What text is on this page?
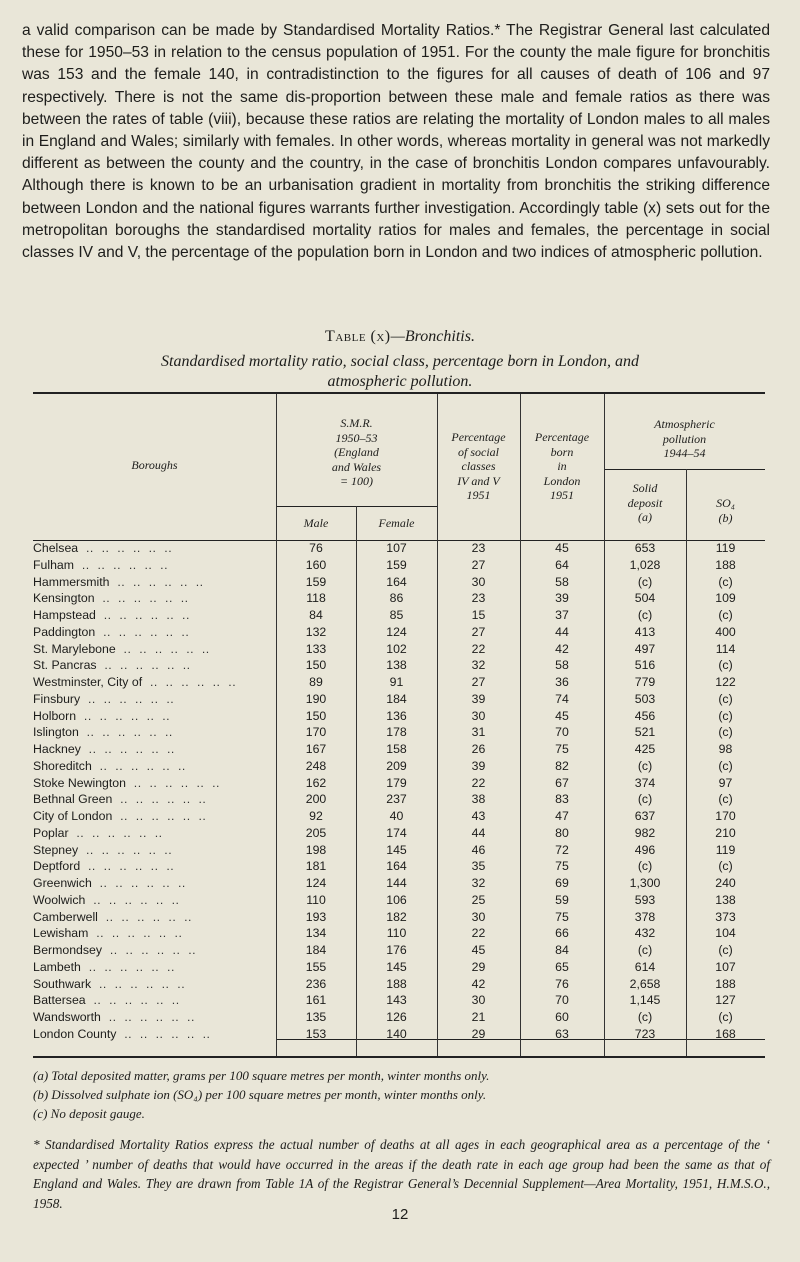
a valid comparison can be made by Standardised Mortality Ratios.* The Registrar General last calculated these for 1950–53 in relation to the census population of 1951. For the county the male figure for bronchitis was 153 and the female 140, in contradistinction to the figures for all causes of death of 106 and 97 respectively. There is not the same dis-proportion between these male and female ratios as there was between the rates of table (viii), because these ratios are relating the mortality of London males to all males in England and Wales; similarly with females. In other words, whereas mortality in general was not markedly different as between the county and the country, in the case of bronchitis London compares unfavourably. Although there is known to be an urbanisation gradient in mortality from bronchitis the striking difference between London and the national figures warrants further investigation. Accordingly table (x) sets out for the metropolitan boroughs the standardised mortality ratios for males and females, the percentage in social classes IV and V, the percentage of the population born in London and two indices of atmospheric pollution.

Table (x)—Bronchitis.
Standardised mortality ratio, social class, percentage born in London, and
atmospheric pollution.
Boroughs
S.M.R.
1950–53
(England
and Wales
= 100)
Male	Female
Percentage
of social
classes
IV and V
1951
Percentage
born
in
London
1951
Atmospheric
pollution
1944–54
Solid
deposit
(a)
SO₄
(b)
Chelsea  ..  ..  ..  ..  ..  ..	76	107	23	45	653	119
Fulham  ..  ..  ..  ..  ..  ..	160	159	27	64	1,028	188
Hammersmith  ..  ..  ..  ..  ..  ..	159	164	30	58	(c)	(c)
Kensington  ..  ..  ..  ..  ..  ..	118	86	23	39	504	109
Hampstead  ..  ..  ..  ..  ..  ..	84	85	15	37	(c)	(c)
Paddington  ..  ..  ..  ..  ..  ..	132	124	27	44	413	400
St. Marylebone  ..  ..  ..  ..  ..  ..	133	102	22	42	497	114
St. Pancras  ..  ..  ..  ..  ..  ..	150	138	32	58	516	(c)
Westminster, City of  ..  ..  ..  ..  ..  ..	89	91	27	36	779	122
Finsbury  ..  ..  ..  ..  ..  ..	190	184	39	74	503	(c)
Holborn  ..  ..  ..  ..  ..  ..	150	136	30	45	456	(c)
Islington  ..  ..  ..  ..  ..  ..	170	178	31	70	521	(c)
Hackney  ..  ..  ..  ..  ..  ..	167	158	26	75	425	98
Shoreditch  ..  ..  ..  ..  ..  ..	248	209	39	82	(c)	(c)
Stoke Newington  ..  ..  ..  ..  ..  ..	162	179	22	67	374	97
Bethnal Green  ..  ..  ..  ..  ..  ..	200	237	38	83	(c)	(c)
City of London  ..  ..  ..  ..  ..  ..	92	40	43	47	637	170
Poplar  ..  ..  ..  ..  ..  ..	205	174	44	80	982	210
Stepney  ..  ..  ..  ..  ..  ..	198	145	46	72	496	119
Deptford  ..  ..  ..  ..  ..  ..	181	164	35	75	(c)	(c)
Greenwich  ..  ..  ..  ..  ..  ..	124	144	32	69	1,300	240
Woolwich  ..  ..  ..  ..  ..  ..	110	106	25	59	593	138
Camberwell  ..  ..  ..  ..  ..  ..	193	182	30	75	378	373
Lewisham  ..  ..  ..  ..  ..  ..	134	110	22	66	432	104
Bermondsey  ..  ..  ..  ..  ..  ..	184	176	45	84	(c)	(c)
Lambeth  ..  ..  ..  ..  ..  ..	155	145	29	65	614	107
Southwark  ..  ..  ..  ..  ..  ..	236	188	42	76	2,658	188
Battersea  ..  ..  ..  ..  ..  ..	161	143	30	70	1,145	127
Wandsworth  ..  ..  ..  ..  ..  ..	135	126	21	60	(c)	(c)
London County  ..  ..  ..  ..  ..  ..	153	140	29	63	723	168
(a) Total deposited matter, grams per 100 square metres per month, winter months only.
(b) Dissolved sulphate ion (SO₄) per 100 square metres per month, winter months only.
(c) No deposit gauge.

* Standardised Mortality Ratios express the actual number of deaths at all ages in each geographical area as a percentage of the ‘ expected ’ number of deaths that would have occurred in the areas if the death rate in each age group had been the same as that of England and Wales. They are drawn from Table 1A of the Registrar General’s Decennial Supplement—Area Mortality, 1951, H.M.S.O., 1958.

12
